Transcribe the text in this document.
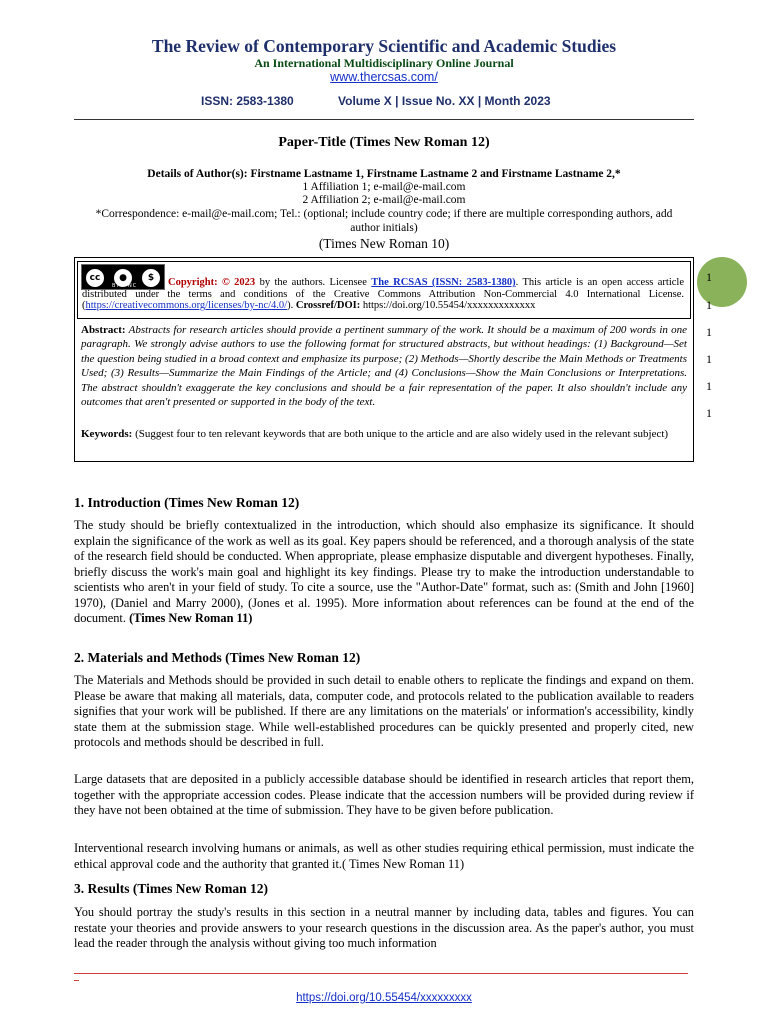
The Review of Contemporary Scientific and Academic Studies
An International Multidisciplinary Online Journal
www.thercsas.com/
ISSN: 2583-1380	Volume X | Issue No. XX | Month 2023
Paper-Title (Times New Roman 12)
Details of Author(s): Firstname Lastname 1, Firstname Lastname 2 and Firstname Lastname 2,*
1 Affiliation 1; e-mail@e-mail.com
2 Affiliation 2; e-mail@e-mail.com
*Correspondence: e-mail@e-mail.com; Tel.: (optional; include country code; if there are multiple corresponding authors, add author initials)
(Times New Roman 10)
cc	●	$
BY   NC	Copyright: © 2023 by the authors. Licensee The RCSAS (ISSN: 2583-1380). This article is an open access article distributed under the terms and conditions of the Creative Commons Attribution Non-Commercial 4.0 International License. (https://creativecommons.org/licenses/by-nc/4.0/). Crossref/DOI: https://doi.org/10.55454/xxxxxxxxxxxxx
Abstract: Abstracts for research articles should provide a pertinent summary of the work. It should be a maximum of 200 words in one paragraph. We strongly advise authors to use the following format for structured abstracts, but without headings: (1) Background—Set the question being studied in a broad context and emphasize its purpose; (2) Methods—Shortly describe the Main Methods or Treatments Used; (3) Results—Summarize the Main Findings of the Article; and (4) Conclusions—Show the Main Conclusions or Interpretations. The abstract shouldn't exaggerate the key conclusions and should be a fair representation of the paper. It also shouldn't include any outcomes that aren't presented or supported in the body of the text.
Keywords: (Suggest four to ten relevant keywords that are both unique to the article and are also widely used in the relevant subject)
1
1
1
1
1
1
1. Introduction (Times New Roman 12)
The study should be briefly contextualized in the introduction, which should also emphasize its significance. It should explain the significance of the work as well as its goal. Key papers should be referenced, and a thorough analysis of the state of the research field should be conducted. When appropriate, please emphasize disputable and divergent hypotheses. Finally, briefly discuss the work's main goal and highlight its key findings. Please try to make the introduction understandable to scientists who aren't in your field of study. To cite a source, use the "Author-Date" format, such as: (Smith and John [1960] 1970), (Daniel and Marry 2000), (Jones et al. 1995). More information about references can be found at the end of the document. (Times New Roman 11)
2. Materials and Methods (Times New Roman 12)
The Materials and Methods should be provided in such detail to enable others to replicate the findings and expand on them. Please be aware that making all materials, data, computer code, and protocols related to the publication available to readers signifies that your work will be published. If there are any limitations on the materials' or information's accessibility, kindly state them at the submission stage. While well-established procedures can be quickly presented and properly cited, new protocols and methods should be described in full.
Large datasets that are deposited in a publicly accessible database should be identified in research articles that report them, together with the appropriate accession codes. Please indicate that the accession numbers will be provided during review if they have not been obtained at the time of submission. They have to be given before publication.
Interventional research involving humans or animals, as well as other studies requiring ethical permission, must indicate the ethical approval code and the authority that granted it.( Times New Roman 11)
3. Results (Times New Roman 12)
You should portray the study's results in this section in a neutral manner by including data, tables and figures. You can restate your theories and provide answers to your research questions in the discussion area. As the paper's author, you must lead the reader through the analysis without giving too much information
https://doi.org/10.55454/xxxxxxxxx
